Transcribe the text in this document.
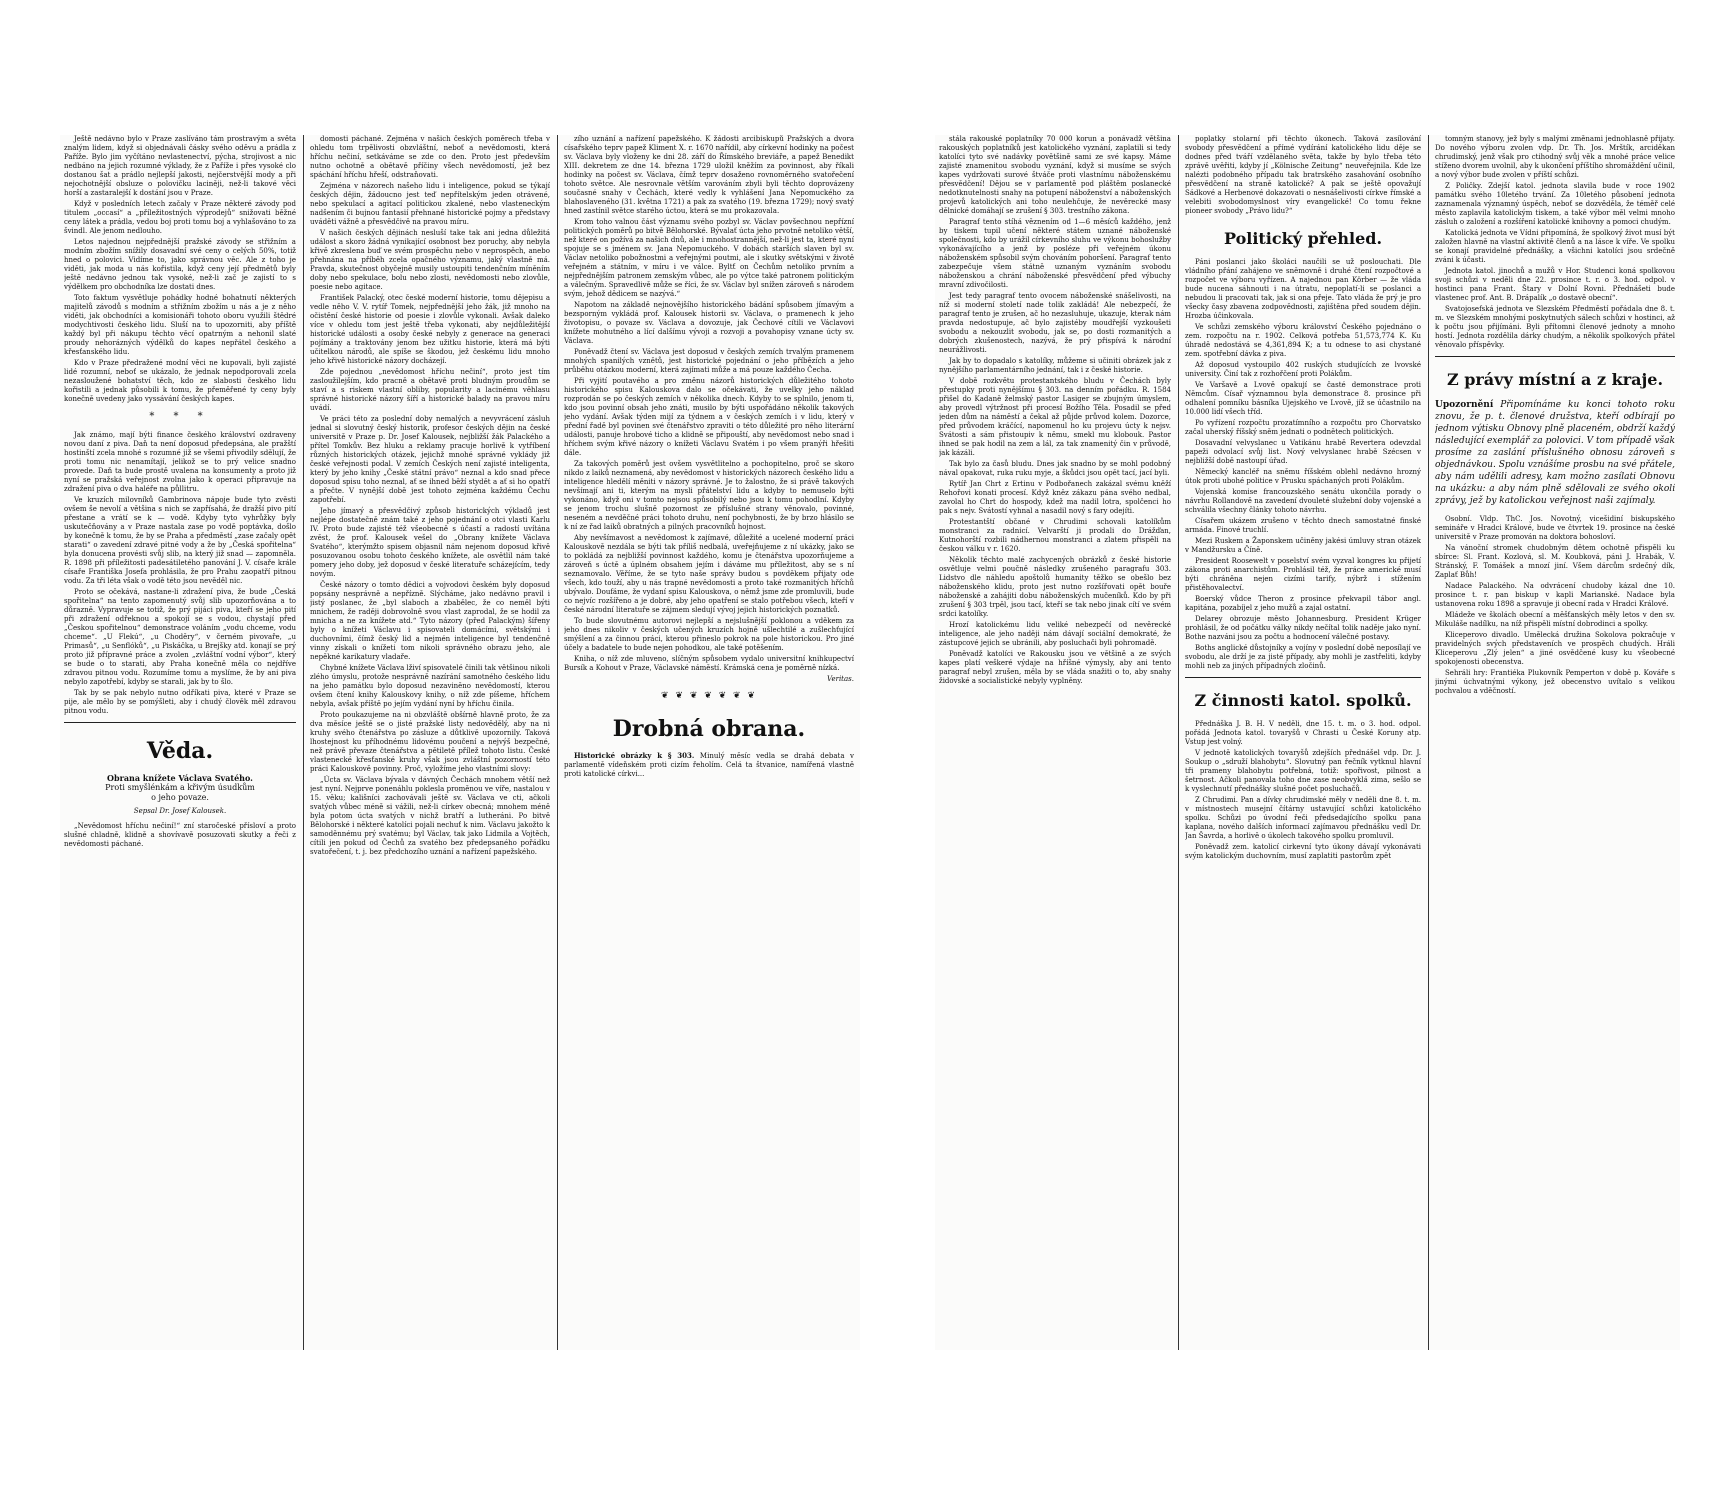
Ještě nedávno bylo v Praze zaslíváno tám prostravým a světa znalým lidem, když si objednávali čásky svého oděvu a prádla z Paříže. Bylo jim vyčítáno nevlastenectví, pýcha, strojivost a nic nedbáno na jejich rozumné výklady, že z Paříže i přes vysoké clo dostanou šat a prádlo nejlepší jakosti, nejčerstvější mody a při nejochotnější obsluze o polovičku laciněji, než-li takové věci horší a zastaralejší k dostání jsou v Praze.

Když v posledních letech začaly v Praze některé závody pod titulem „occasí“ a „příležitostných výprodejů“ snižovati běžné ceny látek a prádla, vedou boj proti tomu boj a vyhlašováno to za švindl. Ale jenom nedlouho.

Letos najednou nejpřednější pražské závody se střižním a modním zbožím snížily dosavadní své ceny o celých 50%, totiž hned o polovici. Vidíme to, jako správnou věc. Ale z toho je viděti, jak moda u nás kořistila, když ceny její předmětů byly ještě nedávno jednou tak vysoké, než-li zač je zajistí to s výdělkem pro obchodníka lze dostati dnes.

Toto faktum vysvětluje pohádky hodné bohatnutí některých majitelů závodů s modním a střižním zbožím u nás a je z něho viděti, jak obchodníci a komisionáři tohoto oboru využili štědré modychtivosti českého lidu. Sluší na to upozorniti, aby příště každý byl při nákupu těchto věcí opatrným a nehonil slaté proudy nehorázných výdělků do kapes nepřátel českého a křesťanského lidu.

Kdo v Praze předražené modní věci ne kupovali, byli zajisté lidé rozumní, neboť se ukázalo, že jednak nepodporovali zcela nezasloužené bohatství těch, kdo ze slabosti českého lidu kořistili a jednak působili k tomu, že přeměřené ty ceny byly konečně uvedeny jako vyssávání českých kapes.

* * *

Jak známo, mají býti finance českého království ozdraveny novou daní z piva. Daň ta není doposud předepsána, ale pražští hostinští zcela mnohé s rozumné již se všemi přivodily sdělují, že proti tomu nic nenamítají, jelikož se to prý velice snadno provede. Daň ta bude prostě uvalena na konsumenty a proto již nyní se pražská veřejnost zvolna jako k operaci připravuje na zdražení piva o dva haléře na půllitru.

Ve kruzích milovníků Gambrinova nápoje bude tyto zvěsti ovšem še nevolí a většina s nich se zapřísahá, že dražší pivo pití přestane a vrátí se k — vodě. Kdyby tyto vyhrůžky byly uskutečňovány a v Praze nastala zase po vodě poptávka, došlo by konečně k tomu, že by se Praha a předměstí „zase začaly opět starati“ o zavedení zdravé pitné vody a že by „Česká spořitelna“ byla donucena provésti svůj slib, na který již snad — zapomněla. R. 1898 při příležitosti padesátiletého panování J. V. císaře krále císaře Františka Josefa prohlásila, že pro Prahu zaopatří pitnou vodu. Za tři léta však o vodě této jsou nevěděl nic.

Proto se očekává, nastane-li zdražení piva, že bude „Česká spořitelna“ na tento zapomenutý svůj slib upozorňována a to důrazně. Vypravuje se totiž, že prý pijáci piva, kteří se jeho pití při zdražení odřeknou a spokojí se s vodou, chystají před „Českou spořitelnou“ demonstrace voláním „vodu chceme, vodu chceme“. „U Flekú“, „u Choděry“, v černém pivovaře, „u Primasů“, „u Senflóků“, „u Piskáčka, u Brejšky atd. konají se prý proto již přípravné práce a zvolen „zvláštní vodní výbor“, který se bude o to starati, aby Praha konečně měla co nejdříve zdravou pitnou vodu. Rozumíme tomu a myslíme, že by ani piva nebylo zapotřebí, kdyby se starali, jak by to šlo.

Tak by se pak nebylo nutno odříkati piva, které v Praze se pije, ale mělo by se pomýšleti, aby i chudý člověk měl zdravou pitnou vodu.

Věda.
Obrana knížete Václava Svatého.
Proti smyšlénkám a křivým úsudkům
o jeho povaze.
Sepsal Dr. Josef Kalousek.

„Nevědomost hříchu nečiní!“ zní staročeské přísloví a proto slušné chladně, klidně a shovívavě posuzovati skutky a řeči z nevědomosti páchané.

domosti páchané. Zejména v našich českých poměrech třeba v ohledu tom trpělivosti obzvláštní, neboť a nevědomosti, která hříchu nečiní, setkáváme se zde co den. Proto jest především nutno ochotně a obětavě příčiny všech nevědomostí, jež bez spáchání hříchu hřeší, odstraňovati.

Zejména v názorech našeho lidu i inteligence, pokud se týkají českých dějin, žádoucno jest teď nepřítelským jeden otrávené, nebo spekulací a agitací politickou zkalené, nebo vlasteneckým nadšením či bujnou fantasií přehnané historické pojmy a představy uváděti vážně a přesvědčivě na pravou míru.

V našich českých dějinách nesluší take tak ani jedna důležitá událost a skoro žádná vynikající osobnost bez poruchy, aby nebyla křivě zkreslena buď ve svém prospěchu nebo v neprospěch, anebo přehnána na příběh zcela opačného významu, jaký vlastně má. Pravda, skutečnost obyčejně musily ustoupiti tendenčním míněním doby nebo spekulace, bolu nebo zlosti, nevědomosti nebo zlovůle, poesie nebo agitace.

František Palacký, otec české moderní historie, tomu dějepisu a vedle něho V. V. rytíř Tomek, nejpřednější jeho žák, již mnoho na očistění české historie od poesie i zlovůle vykonali. Avšak daleko více v ohledu tom jest ještě třeba vykonati, aby nejdůležitější historické události a osoby české nebyly z generace na generaci pojímány a traktovány jenom bez užitku historie, která má býti učitelkou národů, ale spíše se škodou, jež českému lidu mnoho jeho křivě historické názory docházejí.

Zde pojednou „nevědomost hříchu nečiní“, proto jest tím zasloužilejším, kdo pracně a obětavě proti bludným proudům se staví a s riskem vlastní obliby, popularity a lacinému věhlasu správné historické názory šíří a historické balady na pravou míru uvádí.

Ve práci této za poslední doby nemalých a nevyvrácení zásluh jednal si slovutný český historik, profesor českých dějin na české universitě v Praze p. Dr. Josef Kalousek, nejbližší žák Palackého a přítel Tomkův. Bez hluku a reklamy pracuje horlivě k vytříbení různých historických otázek, jejichž mnohé správné vyklády již české veřejnosti podal. V zemích Českých není zajisté inteligenta, který by jeho knihy „České státní právo“ neznal a kdo snad přece doposud spisu toho neznal, ať se ihned běží stydět a ať si ho opatří a přečte. V nynější době jest tohoto zejména každému Čechu zapotřebí.

Jeho jímavý a přesvědčivý způsob historických výkladů jest nejlépe dostatečně znám také z jeho pojednání o otci vlasti Karlu IV. Proto bude zajisté též všeobecně s účastí a radostí uvítána zvěst, že prof. Kalousek vešel do „Obrany knížete Václava Svatého“, kterýmžto spisem objasnil nám nejenom doposud křivě posuzovanou osobu tohoto českého knížete, ale osvětlil nám také pomery jeho doby, jež doposud v české literatuře scházejícím, tedy novým.

České názory o tomto dědici a vojvodovi českém byly doposud popsány nesprávně a nepřízně. Slýcháme, jako nedávno pravil i jistý poslanec, že „byl slaboch a zbabělec, že co neměl býti mnichem, že raději dobrovolně svou vlast zaprodal, že se hodil za mnicha a ne za knížete atd.“ Tyto názory (před Palackým) šířeny byly o knížeti Václavu i spisovateli domácími, světskými i duchovními, čímž český lid a nejmén inteligence byl tendenčně vinny získali o knížeti tom nikoli správného obrazu jeho, ale nepěkné karikatury vladaře.

Chybné knížete Václava lživí spisovatelé činili tak většinou nikoli zlého úmyslu, protože nesprávně nazírání samotného českého lidu na jeho památku bylo doposud nezaviněno nevědomostí, kterou ovšem čtení knihy Kalouskovy knihy, o níž zde píšeme, hříchem nebyla, avšak příště po jejím vydání nyní by hříchu činila.

Proto poukazujeme na ni obzvláště obšírně hlavně proto, že za dva měsíce ještě se o jisté pražské listy nedovědělý, aby na ni kruhy svého čtenářstva po zásluze a důtklivě upozornily. Taková lhostejnost ku příhodnému lidovému poučení a nejvýš bezpečné, než právě převaze čtenářstva a pětiletě přílež tohoto listu. České vlastenecké křesťanské kruhy však jsou zvláštní pozorností této práci Kalouskově povinny. Proč, vyložíme jeho vlastními slovy:

„Úcta sv. Václava bývala v dávných Čechách mnohem větší než jest nyní. Nejprve ponenáhlu poklesla proměnou ve víře, nastalou v 15. věku; kališníci zachovávali ještě sv. Václava ve cti, ačkoli svatých vůbec méně si vážili, než-li církev obecná; mnohem méně byla potom úcta svatých v nichž bratří a lutheráni. Po bitvě Bělohorské i některé katolíci pojali nechuť k nim. Václavu jakožto k samoděnnému prý svatému; byl Václav, tak jako Lidmila a Vojtěch, cítili jen pokud od Čechů za svatého bez předepsaného pořádku svatořečení, t. j. bez předchozího uznání a nařízení papežského.

zího uznání a nařízení papežského. K žádosti arcibiskupů Pražských a dvora císařského teprv papež Kliment X. r. 1670 nařídil, aby církevní hodinky na počest sv. Václava byly vloženy ke dni 28. září do Římského breviáře, a papež Benedikt XIII. dekretem ze dne 14. března 1729 uložil kněžím za povinnost, aby říkali hodinky na počest sv. Václava, čímž teprv dosaženo rovnoměrného svatořečení tohoto světce. Ale nesrovnale větším varováním zbyli byli těchto doprovázeny současné snahy v Čechách, které vedly k vyhlášení Jana Nepomuckého za blahoslaveného (31. května 1721) a pak za svatého (19. března 1729); nový svatý hned zastínil světce starého úctou, která se mu prokazovala.

Krom toho valnou část významu svého pozbyl sv. Václav povšechnou nepřízní politických poměrů po bitvě Bělohorské. Bývalať úcta jeho prvotně netoliko větší, než které on požívá za našich dnů, ale i mnohostrannější, než-li jest ta, které nyní spojuje se s jménem sv. Jana Nepomuckého. V dobách starších slaven byl sv. Václav netoliko pobožnostmi a veřejnými poutmi, ale i skutky světskými v životě veřejném a státním, v míru i ve válce. Byltť on Čechům netoliko prvním a nejpřednějším patronem zemským vůbec, ale po výtce také patronem politickým a válečným. Spravedlivě může se říci, že sv. Václav byl snížen zároveň s národem svým, jehož dědicem se nazývá.“

Napotom na základě nejnovějšího historického bádání spůsobem jímavým a bezsporným vykládá prof. Kalousek historii sv. Václava, o pramenech k jeho životopisu, o povaze sv. Václava a dovozuje, jak Čechové cítili ve Václavovi knížete mohutného a lící dalšímu vývoji a rozvoji a povahopisy vznane úcty sv. Václava.

Poněvadž čtení sv. Václava jest doposud v českých zemích trvalým pramenem mnohých spanilých vznětů, jest historické pojednání o jeho příbězích a jeho průběhu otázkou moderní, která zajímati může a má pouze každého Čecha.

Při vyjití poutavého a pro změnu názorů historických důležitého tohoto historického spisu Kalouskova dalo se očekávati, že uvelky jeho náklad rozprodán se po českých zemích v několika dnech. Kdyby to se splnilo, jenom ti, kdo jsou povinní obsah jeho znáti, musilo by býti uspořádáno několik takových jeho vydání. Avšak týden mijí za týdnem a v českých zemích i v lidu, který v přední řadě byl povinen své čtenářstvo zpraviti o této důležité pro něho literární události, panuje hrobové ticho a klidně se připouští, aby nevědomost nebo snad i hříchem svým křivé názory o knížeti Václavu Svatém i po všem pranýři hřešiti dále.

Za takových poměrů jest ovšem vysvětlitelno a pochopitelno, proč se skoro nikdo z laiků neznamená, aby nevědomost v historických názorech českého lidu a inteligence hledělí měniti v názory správné. Je to žalostno, že si právě takových nevšímají ani ti, kterým na mysli přátelství lidu a kdyby to nemuselo býti vykonáno, když oni v tomto nejsou spůsobilý nebo jsou k tomu pohodlní. Kdyby se jenom trochu slušně pozornost ze příslušné strany věnovalo, povinné, neseném a nevděčné práci tohoto druhu, není pochybnosti, že by brzo hlásilo se k ní ze řad laiků obratných a pilných pracovníků hojnost.

Aby nevšímavost a nevědomost k zajímavé, důležité a ucelené moderní práci Kalouskově nezdála se býti tak příliš nedbalá, uveřejňujeme z ní ukázky, jako se to pokládá za nejbližší povinnost každého, komu je čtenářstva upozorňujeme a zároveň s úctě a úplném obsahem jejím i dáváme mu příležitost, aby se s ní seznamovalo. Věříme, že se tyto naše správy budou s povděkem přijaty ode všech, kdo touží, aby u nás trapné nevědomosti a proto také rozmanitých hříchů ubývalo. Doufáme, že vydaní spisu Kalouskova, o němž jsme zde promluvili, bude co nejvíc rozšířeno a je dobré, aby jeho opatření se stalo potřebou všech, kteří v české národní literatuře se zájmem sledují vývoj jejich historických poznatků.

To bude slovutnému autorovi nejlepší a nejslušnější poklonou a vděkem za jeho dnes nikoliv v českých učených kruzích hojně ušlechtilé a zušlechťující smýšlení a za činnou práci, kterou přineslo pokrok na pole historickou. Pro jiné účely a badatele to bude nejen pohodkou, ale také potěšením.

Kniha, o níž zde mluveno, slíčným spůsobem vydalo universitní knihkupectví Bursík a Kohout v Praze, Václavské náměstí. Krámská cena je poměrně nízká.

Veritas.
❦ ❦ ❦ ❦ ❦ ❦ ❦
Drobná obrana.

Historické obrázky k § 303. Minulý měsíc vedla se drahá debata v parlamentě vídeňském proti cizím řeholím. Celá ta štvanice, namířená vlastně proti katolické církvi...

stála rakouské poplatníky 70 000 korun a ponávadž většina rakouských poplatníků jest katolického vyznání, zaplatili si tedy katolíci tyto své nadávky povětšině sami ze své kapsy. Máme zajisté znamenitou svobodu vyznání, když si musíme se svých kapes vydržovati surové štváče proti vlastnímu náboženskému přesvědčení! Dějou se v parlamentě pod pláštěm poslanecké nedotknutelnosti snahy na potupení náboženství a náboženských projevů katolických ani toho neulehčuje, že nevěrecké masy dělnické domáhají se zrušení § 303. trestního zákona.

Paragraf tento stíhá věznením od 1—6 měsíců každého, jenž by tiskem tupil učení některé státem uznané náboženské společnosti, kdo by urážil církevního sluhu ve výkonu bohoslužby vykonávajícího a jenž by posléze při veřejném úkonu náboženském spůsobil svým chováním pohoršení. Paragraf tento zabezpečuje všem státně uznaným vyznáním svobodu náboženskou a chrání náboženské přesvědčení před výbuchy mravní zdivočilosti.

Jest tedy paragraf tento ovocem náboženské snášelivosti, na níž si moderní století nade tolik zakládá! Ale nebezpečí, že paragraf tento je zrušen, ač ho nezasluhuje, ukazuje, kterak nám pravda nedostupuje, ač bylo zajistéby moudřejší vyzkoušeti svobodu a nekouzlit svobodu, jak se, po dosti rozmanitých a dobrých zkušenostech, nazývá, že prý přispívá k národní neurážlivosti.

Jak by to dopadalo s katolíky, můžeme si učiniti obrázek jak z nynějšího parlamentárního jednání, tak i z české historie.

V době rozkvětu protestantského bludu v Čechách byly přestupky proti nynějšímu § 303. na denním pořádku. R. 1584 přišel do Kadaně želmský pastor Lasiger se zbujným úmyslem, aby provedl výtržnost při procesí Božího Těla. Posadil se před jeden dům na náměstí a čekal až půjde průvod kolem. Dozorce, před průvodem kráčící, napomenul ho ku projevu úcty k nejsv. Svátosti a sám přistoupiv k němu, smekl mu klobouk. Pastor ihned se pak hodil na zem a lál, za tak znamenitý čin v průvodě, jak kázáli.

Tak bylo za časů bludu. Dnes jak snadno by se mohl podobný nával opakovat, ruka ruku myje, a škůdci jsou opět tací, jací byli.

Rytíř Jan Chrt z Ertinu v Podbořanech zakázal svému kněží Rehořovi konati procesí. Když kněz zákazu pána svého nedbal, zavolal ho Chrt do hospody, kdež ma nadil lotra, spolčenci ho pak s nejv. Svátostí vyhnal a nasadil nový s fary odejíti.

Protestantští občané v Chrudimi schovali katolíkům monstranci za radnicí. Velvarští ji prodali do Drážďan, Kutnohorští rozbili nádhernou monstranci a zlatem přispěli na českou válku v r. 1620.

Několik těchto malé zachycených obrázků z české historie osvětluje velmi poučně následky zrušeného paragrafu 303. Lidstvo dle náhledu apoštolů humanity těžko se obešlo bez náboženského klidu, proto jest nutno rozšířovati opět bouře náboženské a zahájiti dobu náboženských mučeníků. Kdo by při zrušení § 303 trpěl, jsou tací, kteří se tak nebo jinak cítí ve svém srdci katolíky.

Hrozí katolickému lidu veliké nebezpečí od nevěrecké inteligence, ale jeho naději nám dávají sociální demokraté, že zástupcové jejich se ubránili, aby posluchači byli pohromadě.

Poněvadž katolíci ve Rakousku jsou ve většině a ze svých kapes platí veškeré výdaje na hříšné výmysly, aby ani tento paragraf nebyl zrušen, měla by se vláda snažiti o to, aby snahy židovské a socialistické nebyly vyplněny.

poplatky stolarní při těchto úkonech. Taková zasílování svobody přesvědčení a přímé vydírání katolického lidu děje se dodnes před tváří vzdělaného světa, takže by bylo třeba této zprávě uvěřiti, kdyby jí „Kölnische Zeitung“ neuveřejnila. Kde lze nalézti podobného případu tak bratrského zasahování osobního přesvědčení na straně katolické? A pak se ještě opovažují Sádkové a Herbenové dokazovati o nesnášelivosti církve římské a velebiti svobodomyslnost víry evangelické! Co tomu řekne pioneer svobody „Právo lidu?“

Politický přehled.

Páni poslanci jako školáci naučili se už poslouchati. Dle vládního přání zahájeno ve sněmovně i druhé čtení rozpočtové a rozpočet ve výboru vyřízen. A najednou pan Körber — že vláda bude nucena sáhnouti i na útratu, nepoplatí-li se poslanci a nebudou li pracovati tak, jak si ona přeje. Tato vláda že prý je pro všecky časy zbavena zodpovědnosti, zajištěna před soudem dějin. Hrozba účinkovala.

Ve schůzi zemského výboru království Českého pojednáno o zem. rozpočtu na r. 1902. Celková potřeba 51,573,774 K. Ku úhradě nedostává se 4,361,894 K; a tu odnese to asi chystané zem. spotřební dávka z piva.

Až doposud vystoupilo 402 ruských studujících ze lvovské university. Činí tak z rozhořčení proti Polákům.

Ve Varšavě a Lvově opakují se časté demonstrace proti Němcům. Císař významnou byla demonstrace 8. prosince při odhalení pomníku básníka Ujejského ve Lvově, jíž se účastnilo na 10.000 lidí všech tříd.

Po vyřízení rozpočtu prozatímního a rozpočtu pro Chorvatsko začal uherský říšský sněm jednati o podnětech politických.

Dosavadní velvyslanec u Vatikánu hrabě Revertera odevzdal papeži odvolací svůj list. Nový velvyslanec hrabě Szécsen v nejbližší době nastoupí úřad.

Německý kancléř na sněmu říšském oblehl nedávno hrozný útok proti ubohé politice v Prusku spáchaných proti Polákům.

Vojenská komise francouzského senátu ukončila porady o návrhu Rollandově na zavedení dvouleté služební doby vojenské a schválila všechny články tohoto návrhu.

Císařem ukázem zrušeno v těchto dnech samostatné finské armáda. Finové truchlí.

Mezi Ruskem a Žaponskem učiněny jakési úmluvy stran otázek v Mandžursku a Číně.

President Roosewelt v poselství svém vyzval kongres ku přijetí zákona proti anarchistům. Prohlásil též, že práce americké musí býti chráněna nejen cizími tarify, nýbrž i stížením přistěhovalectví.

Boerský vůdce Theron z prosince překvapil tábor angl. kapitána, pozabíjel z jeho mužů a zajal ostatní.

Delarey obrozuje město Johannesburg. President Krüger prohlásil, že od počátku války nikdy nečítal tolik naděje jako nyní. Bothe nazváni jsou za počtu a hodnocení válečné postavy.

Boths anglické důstojníky a vojíny v poslední době neposílají ve svobodu, ale drží je za jisté případy, aby mohli je zastřeliti, kdyby mohli neb za jiných případných zločinů.

Z činnosti katol. spolků.

Přednáška J. B. H. V neděli, dne 15. t. m. o 3. hod. odpol. pořádá Jednota katol. tovaryšů v Chrasti u České Koruny atp. Vstup jest volný.

V jednotě katolických tovaryšů zdejších přednášel vdp. Dr. J. Soukup o „sdruží blahobytu“. Slovutný pan řečník vytknul hlavní tři prameny blahobytu potřebná, totiž: spořivost, pilnost a šetrnost. Ačkoli panovala toho dne zase neobvyklá zima, sešlo se k vyslechnutí přednášky slušné počet posluchačů.

Z Chrudimi. Pan a dívky chrudimské měly v neděli dne 8. t. m. v místnostech musejní čítárny ustavující schůzi katolického spolku. Schůzi po úvodní řeči předsedajícího spolku pana kaplana, nového dalších informací zajímavou přednášku vedl Dr. Jan Šavrda, a horlivě o úkolech takového spolku promluvil.

Poněvadž zem. katolicí cirkevní tyto úkony dávají vykonávati svým katolickým duchovním, musí zaplatiti pastorům zpět

tomným stanovy, jež byly s malými změnami jednohlasně přijaty. Do nového výboru zvolen vdp. Dr. Th. Jos. Mrštík, arciděkan chrudimský, jenž však pro ctihodný svůj věk a mnohé práce velice stíženo dvorem uvolnil, aby k ukončení příštího shromáždění učinil, a nový výbor bude zvolen v příští schůzi.

Z Poličky. Zdejší katol. jednota slavila bude v roce 1902 památku svého 10letého trvání. Za 10letého působení jednota zaznamenala významný úspěch, neboť se dozvěděla, že téměř celé město zaplavila katolickým tiskem, a také výbor měl velmi mnoho zásluh o založení a rozšíření katolické knihovny a pomoci chudým.

Katolická jednota ve Vídni připomíná, že spolkový život musí být založen hlavně na vlastní aktivitě členů a na lásce k víře. Ve spolku se konají pravidelné přednášky, a všichni katolíci jsou srdečně zváni k účasti.

Jednota katol. jinochů a mužů v Hor. Studenci koná spolkovou svoji schůzi v neděli dne 22. prosince t. r. o 3. hod. odpol. v hostinci pana Frant. Štary v Dolní Rovni. Přednášeti bude vlastenec prof. Ant. B. Drápalík „o dostavě obecní“.

Svatojosefská jednota ve Slezském Předměstí pořádala dne 8. t. m. ve Slezském mnohými poskytnutých sálech schůzi v hostinci, až k počtu jsou přijímáni. Byli přítomni členové jednoty a mnoho hostí. Jednota rozdělila dárky chudým, a několik spolkových přátel věnovalo příspěvky.

Z právy místní a z kraje.

Upozornění Připomínáme ku konci tohoto roku znovu, že p. t. členové družstva, kteří odbírají po jednom výtisku Obnovy plně placeném, obdrží každý následující exemplář za polovici. V tom případě však prosíme za zaslání příslušného obnosu zároveň s objednávkou. Spolu vznášíme prosbu na své přátele, aby nám udělili adresy, kam možno zasílati Obnovu na ukázku: a aby nám plně sdělovali ze svého okolí zprávy, jež by katolickou veřejnost naši zajímaly.

Osobní. Vldp. ThC. Jos. Novotný, vicešidiní biskupského semináře v Hradci Králové, bude ve čtvrtek 19. prosince na české universitě v Praze promován na doktora bohosloví.

Na vánoční stromek chudobným dětem ochotně přispěli ku sbírce: Sl. Frant. Kozlová, sl. M. Koubková, páni J. Hrabák, V. Stránský, F. Tomášek a mnozí jiní. Všem dárcům srdečný dík, Zaplať Bůh!

Nadace Palackého. Na odvrácení chudoby kázal dne 10. prosince t. r. pan biskup v kapli Marianské. Nadace byla ustanovena roku 1898 a spravuje ji obecní rada v Hradci Králové.

Mládeže ve školách obecní a měšťanských měly letos v den sv. Mikuláše nadílku, na níž přispěli místní dobrodinci a spolky.

Kliceperovo divadlo. Umělecká družina Sokolova pokračuje v pravidelných svých představeních ve prospěch chudých. Hráli Kliceperovu „Zlý jelen“ a jiné osvědčené kusy ku všeobecné spokojenosti obecenstva.

Sehráli hry: Frantiéka Plukovník Pemperton v době p. Kováře s jinými úchvatnými výkony, jež obecenstvo uvítalo s velikou pochvalou a vděčností.
